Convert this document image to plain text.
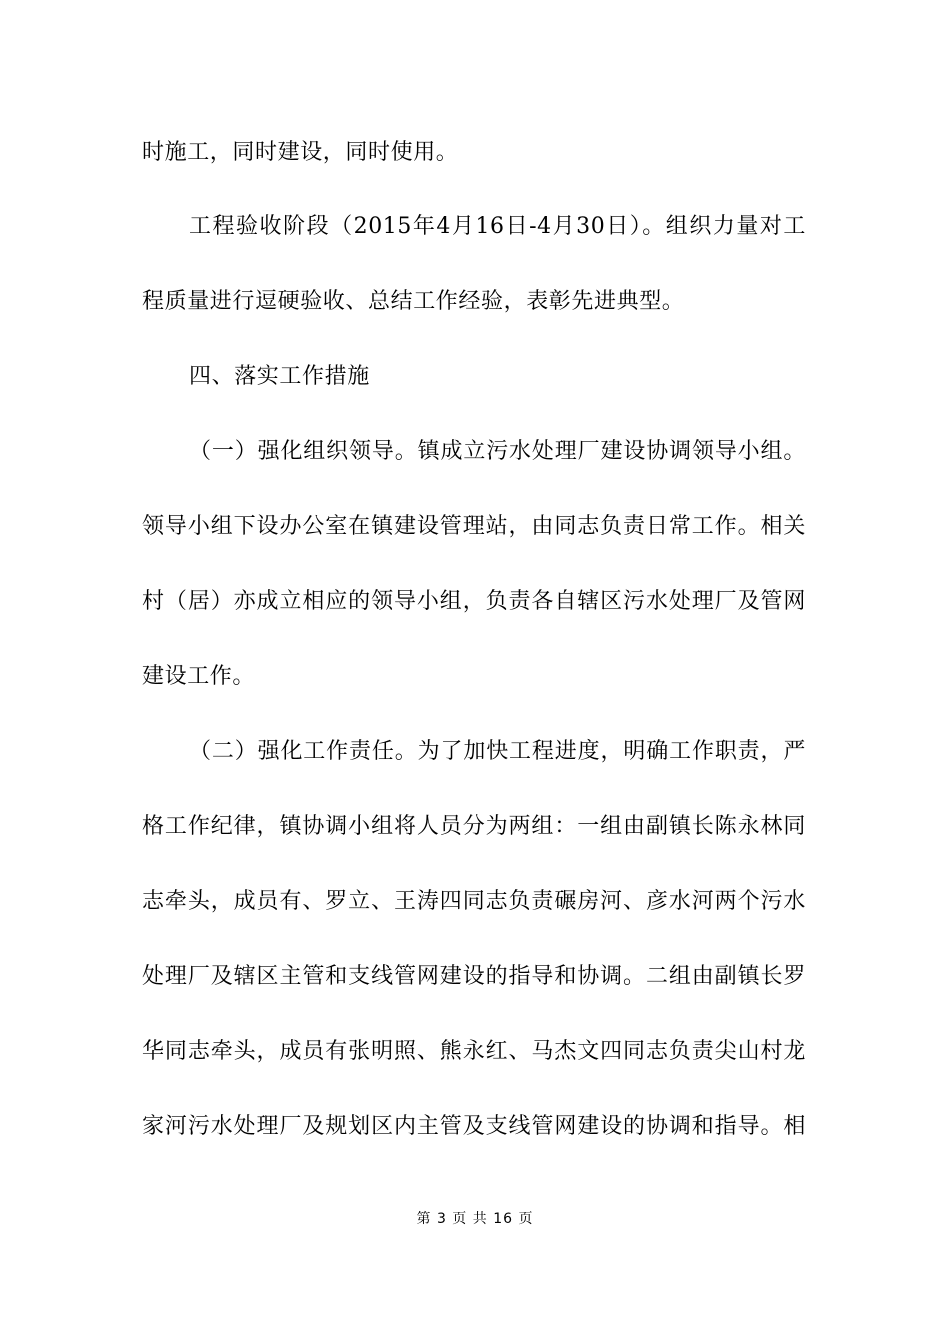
时施工，同时建设，同时使用。
工程验收阶段（2015年4月16日-4月30日）。组织力量对工
程质量进行逗硬验收、总结工作经验，表彰先进典型。
四、落实工作措施
（一）强化组织领导。镇成立污水处理厂建设协调领导小组。
领导小组下设办公室在镇建设管理站，由同志负责日常工作。相关
村（居）亦成立相应的领导小组，负责各自辖区污水处理厂及管网
建设工作。
（二）强化工作责任。为了加快工程进度，明确工作职责，严
格工作纪律，镇协调小组将人员分为两组：一组由副镇长陈永林同
志牵头，成员有、罗立、王涛四同志负责碾房河、彦水河两个污水
处理厂及辖区主管和支线管网建设的指导和协调。二组由副镇长罗
华同志牵头，成员有张明照、熊永红、马杰文四同志负责尖山村龙
家河污水处理厂及规划区内主管及支线管网建设的协调和指导。相
第 3 页 共 16 页
